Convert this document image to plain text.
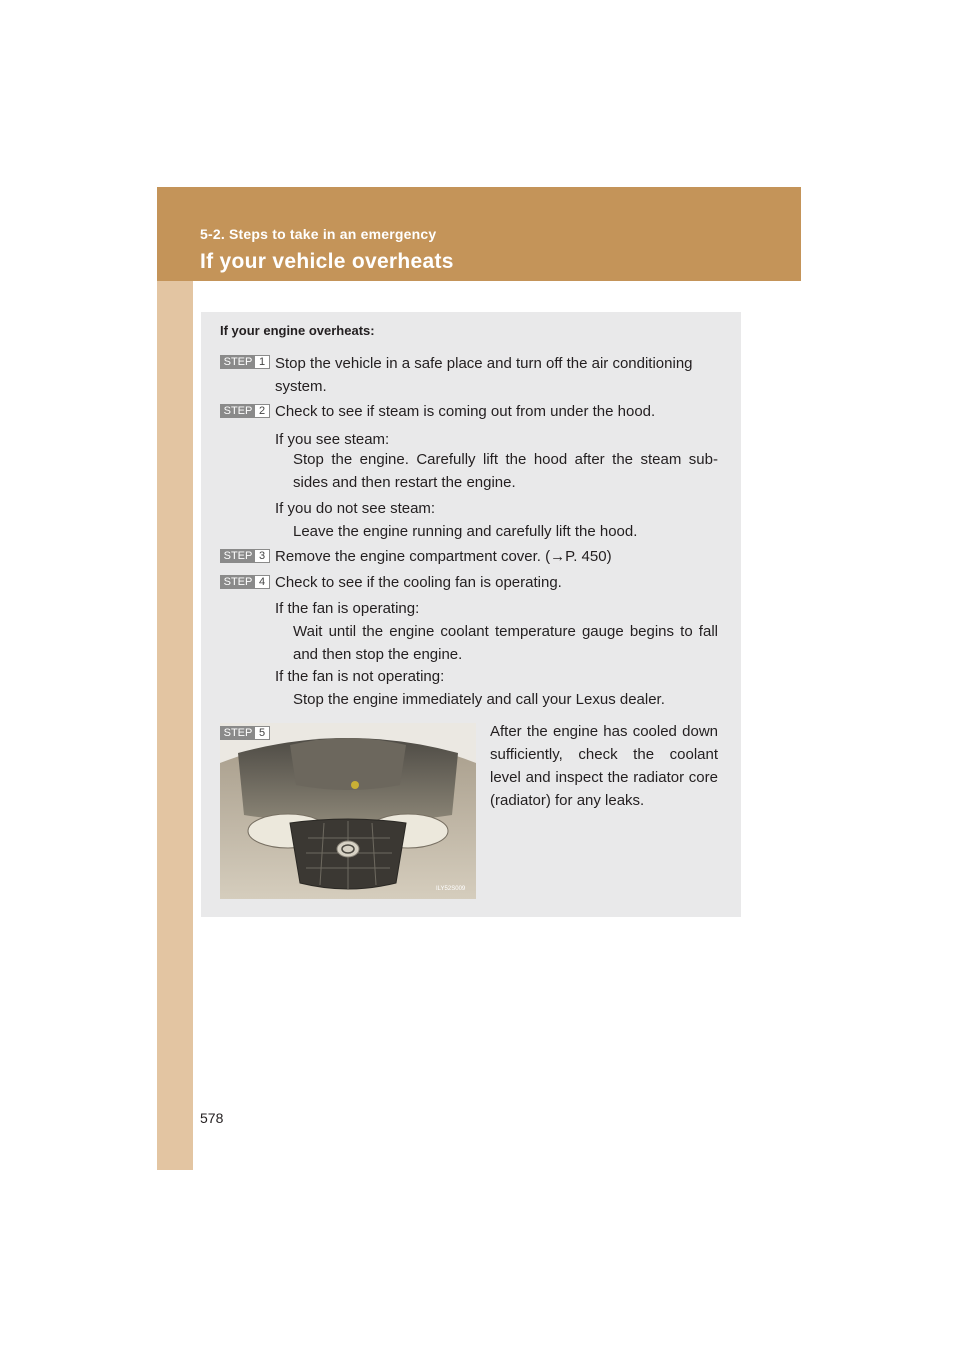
5-2. Steps to take in an emergency
If your vehicle overheats
If your engine overheats:
STEP 1 Stop the vehicle in a safe place and turn off the air conditioning system.
STEP 2 Check to see if steam is coming out from under the hood.
If you see steam:
Stop the engine. Carefully lift the hood after the steam sub-sides and then restart the engine.
If you do not see steam:
Leave the engine running and carefully lift the hood.
STEP 3 Remove the engine compartment cover. (→P. 450)
STEP 4 Check to see if the cooling fan is operating.
If the fan is operating:
Wait until the engine coolant temperature gauge begins to fall and then stop the engine.
If the fan is not operating:
Stop the engine immediately and call your Lexus dealer.
ILY52S009
STEP 5	After the engine has cooled down sufficiently, check the coolant level and inspect the radiator core (radiator) for any leaks.
578
